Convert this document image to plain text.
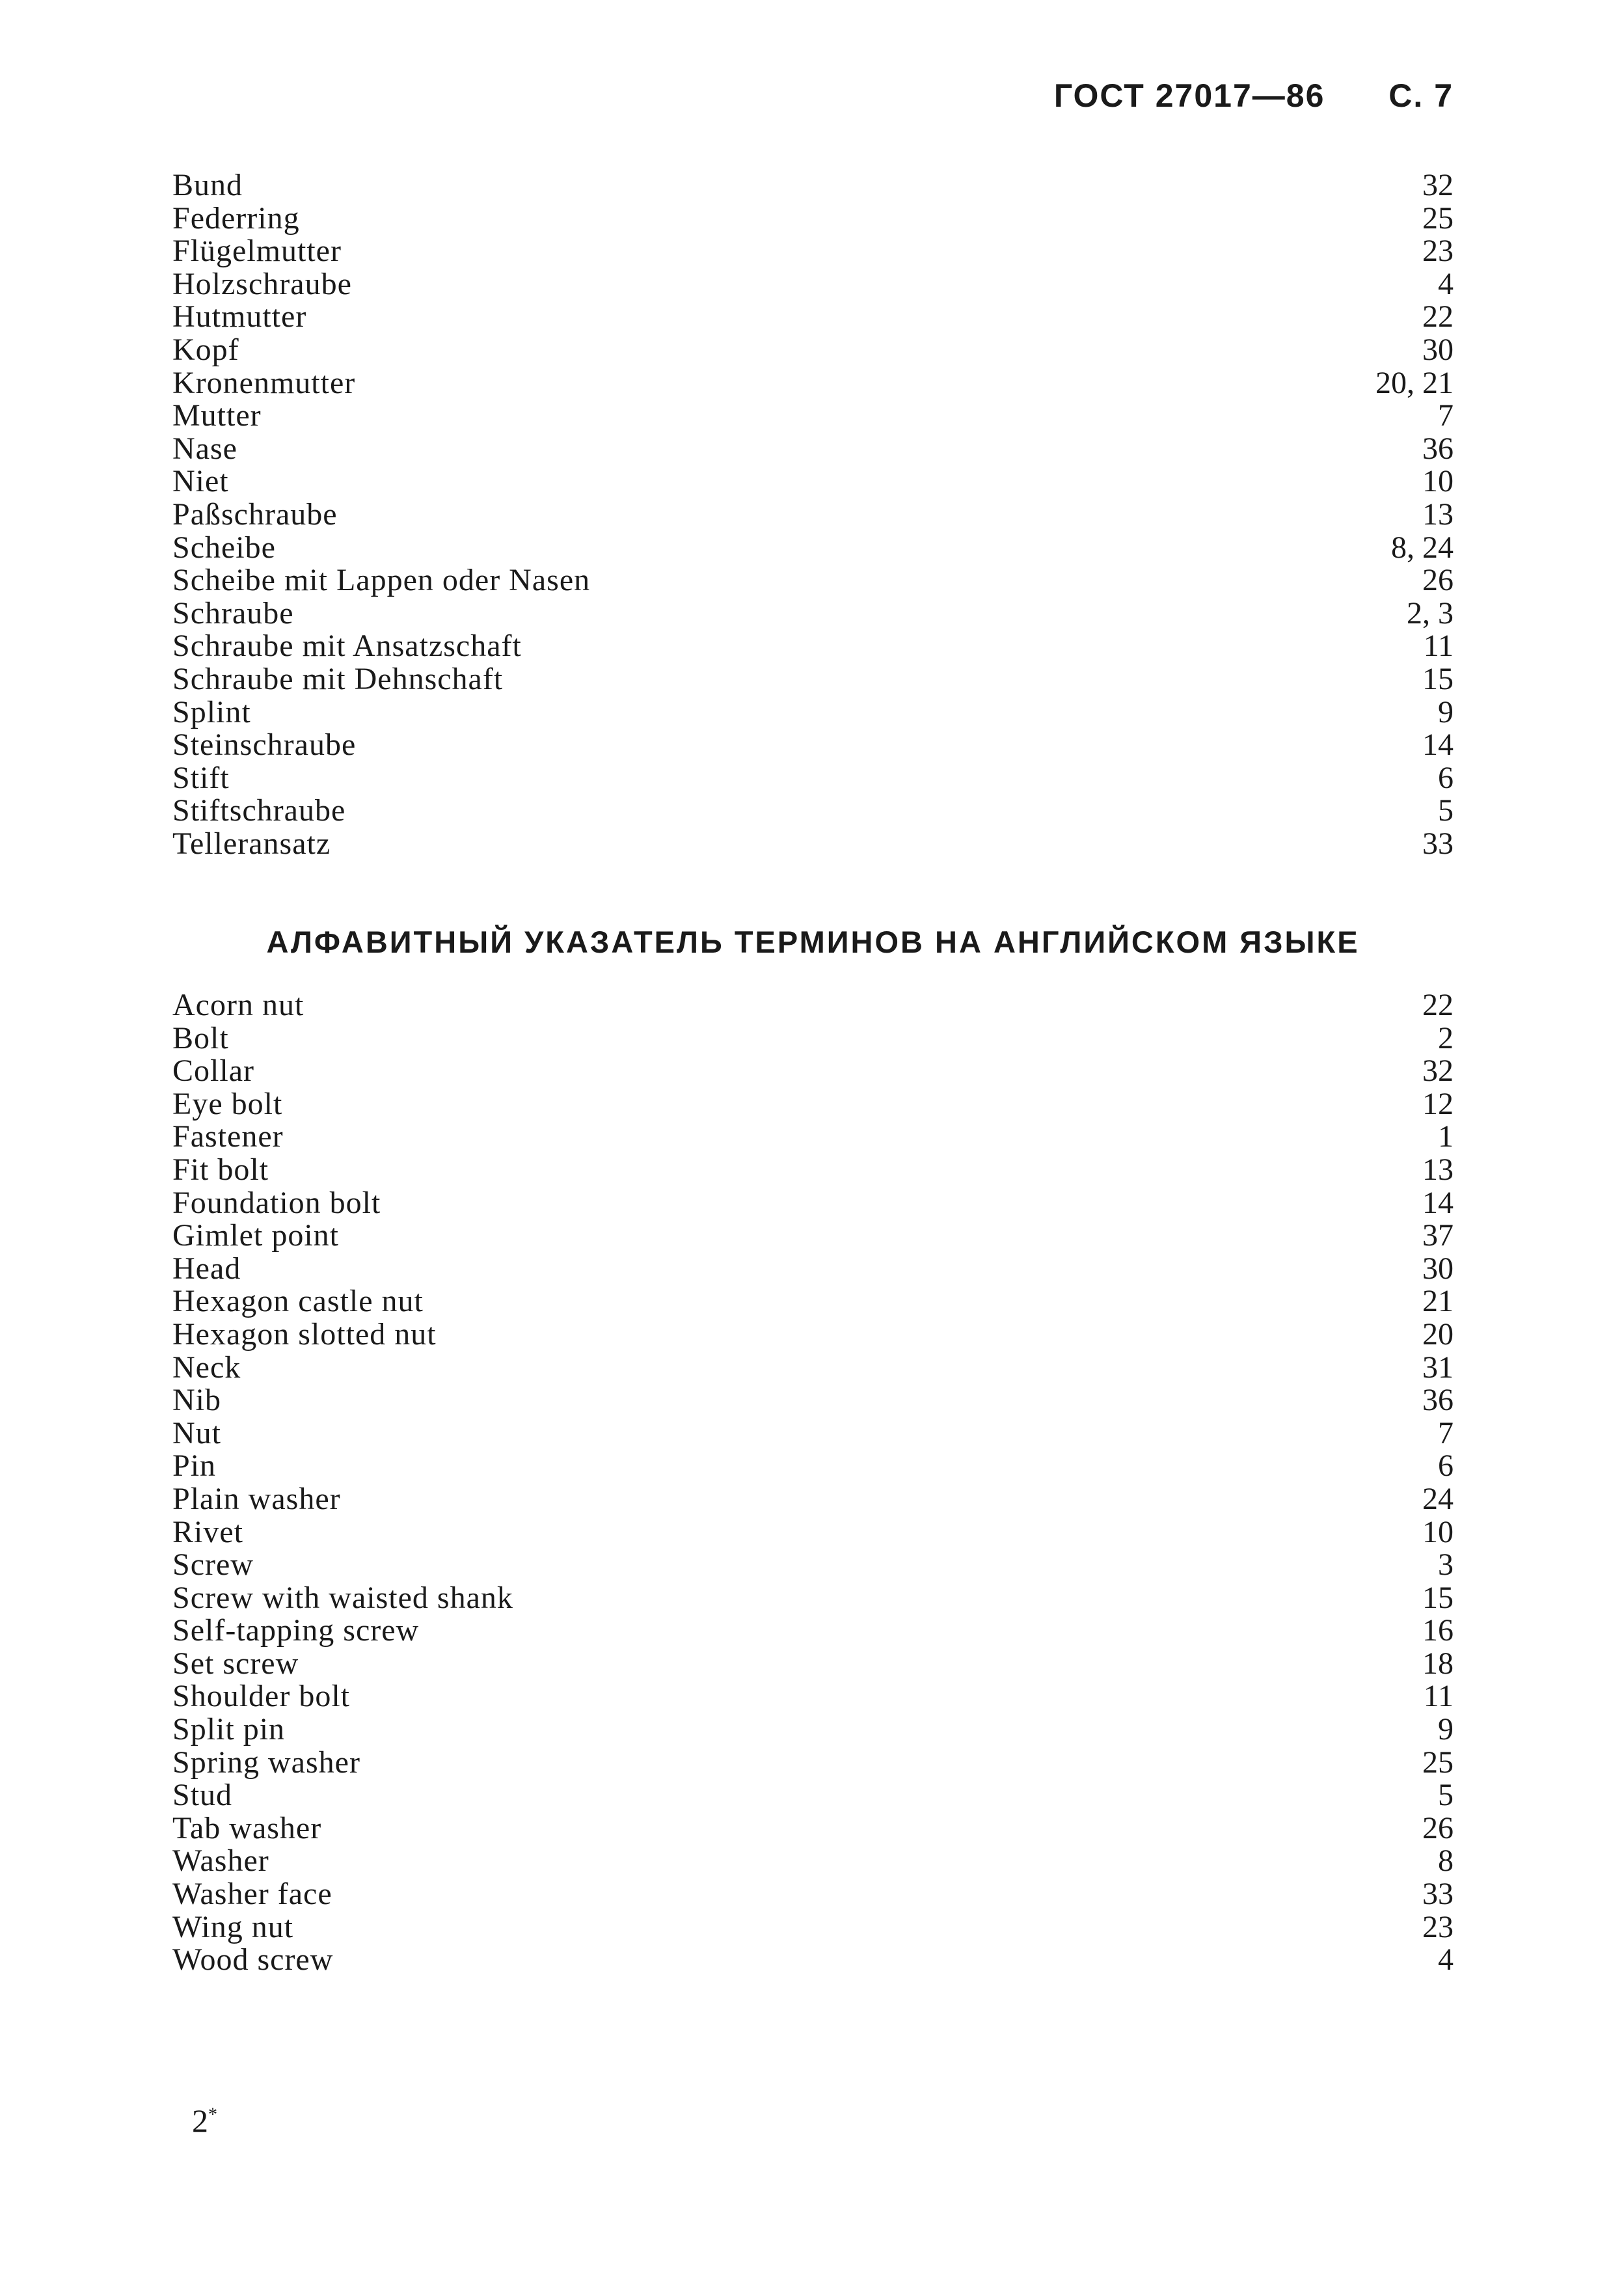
ГОСТ 27017—86 С. 7
Bund	32
Federring	25
Flügelmutter	23
Holzschraube	4
Hutmutter	22
Kopf	30
Kronenmutter	20, 21
Mutter	7
Nase	36
Niet	10
Paßschraube	13
Scheibe	8, 24
Scheibe mit Lappen oder Nasen	26
Schraube	2, 3
Schraube mit Ansatzschaft	11
Schraube mit Dehnschaft	15
Splint	9
Steinschraube	14
Stift	6
Stiftschraube	5
Telleransatz	33
АЛФАВИТНЫЙ УКАЗАТЕЛЬ ТЕРМИНОВ НА АНГЛИЙСКОМ ЯЗЫКЕ
Acorn nut	22
Bolt	2
Collar	32
Eye bolt	12
Fastener	1
Fit bolt	13
Foundation bolt	14
Gimlet point	37
Head	30
Hexagon castle nut	21
Hexagon slotted nut	20
Neck	31
Nib	36
Nut	7
Pin	6
Plain washer	24
Rivet	10
Screw	3
Screw with waisted shank	15
Self-tapping screw	16
Set screw	18
Shoulder bolt	11
Split pin	9
Spring washer	25
Stud	5
Tab washer	26
Washer	8
Washer face	33
Wing nut	23
Wood screw	4
2*
